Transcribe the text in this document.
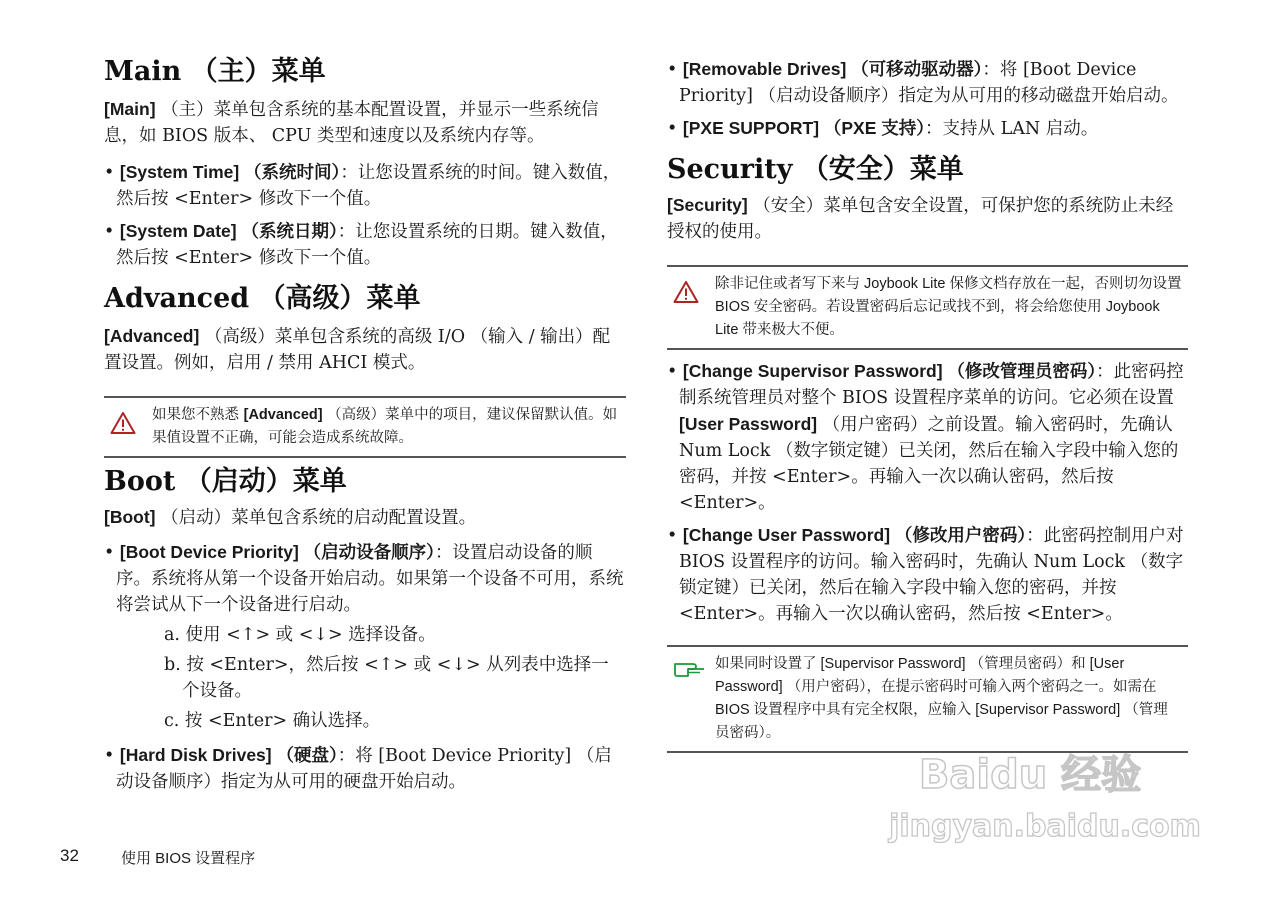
Main （主）菜单

[Main] （主）菜单包含系统的基本配置设置，并显示一些系统信息，如 BIOS 版本、 CPU 类型和速度以及系统内存等。

• [System Time] （系统时间）：让您设置系统的时间。键入数值，然后按 <Enter> 修改下一个值。

• [System Date] （系统日期）：让您设置系统的日期。键入数值，然后按 <Enter> 修改下一个值。

Advanced （高级）菜单

[Advanced] （高级）菜单包含系统的高级 I/O （输入 / 输出）配置设置。例如，启用 / 禁用 AHCI 模式。

如果您不熟悉 [Advanced] （高级）菜单中的项目，建议保留默认值。如果值设置不正确，可能会造成系统故障。
Boot （启动）菜单

[Boot] （启动）菜单包含系统的启动配置设置。

• [Boot Device Priority] （启动设备顺序）：设置启动设备的顺序。系统将从第一个设备开始启动。如果第一个设备不可用，系统将尝试从下一个设备进行启动。

a. 使用 <↑> 或 <↓> 选择设备。

b. 按 <Enter>，然后按 <↑> 或 <↓> 从列表中选择一个设备。

c. 按 <Enter> 确认选择。

• [Hard Disk Drives] （硬盘）：将 [Boot Device Priority] （启动设备顺序）指定为从可用的硬盘开始启动。

• [Removable Drives] （可移动驱动器）：将 [Boot Device Priority] （启动设备顺序）指定为从可用的移动磁盘开始启动。

• [PXE SUPPORT] （PXE 支持）：支持从 LAN 启动。

Security （安全）菜单

[Security] （安全）菜单包含安全设置，可保护您的系统防止未经授权的使用。

除非记住或者写下来与 Joybook Lite 保修文档存放在一起，否则切勿设置 BIOS 安全密码。若设置密码后忘记或找不到，将会给您使用 Joybook Lite 带来极大不便。

• [Change Supervisor Password] （修改管理员密码）：此密码控制系统管理员对整个 BIOS 设置程序菜单的访问。它必须在设置 [User Password] （用户密码）之前设置。输入密码时，先确认 Num Lock （数字锁定键）已关闭，然后在输入字段中输入您的密码，并按 <Enter>。再输入一次以确认密码，然后按 <Enter>。

• [Change User Password] （修改用户密码）：此密码控制用户对 BIOS 设置程序的访问。输入密码时，先确认 Num Lock （数字锁定键）已关闭，然后在输入字段中输入您的密码，并按 <Enter>。再输入一次以确认密码，然后按 <Enter>。

如果同时设置了 [Supervisor Password] （管理员密码）和 [User Password] （用户密码），在提示密码时可输入两个密码之一。如需在 BIOS 设置程序中具有完全权限，应输入 [Supervisor Password] （管理员密码）。
32	使用 BIOS 设置程序
Baidu 经验
jingyan.baidu.com
